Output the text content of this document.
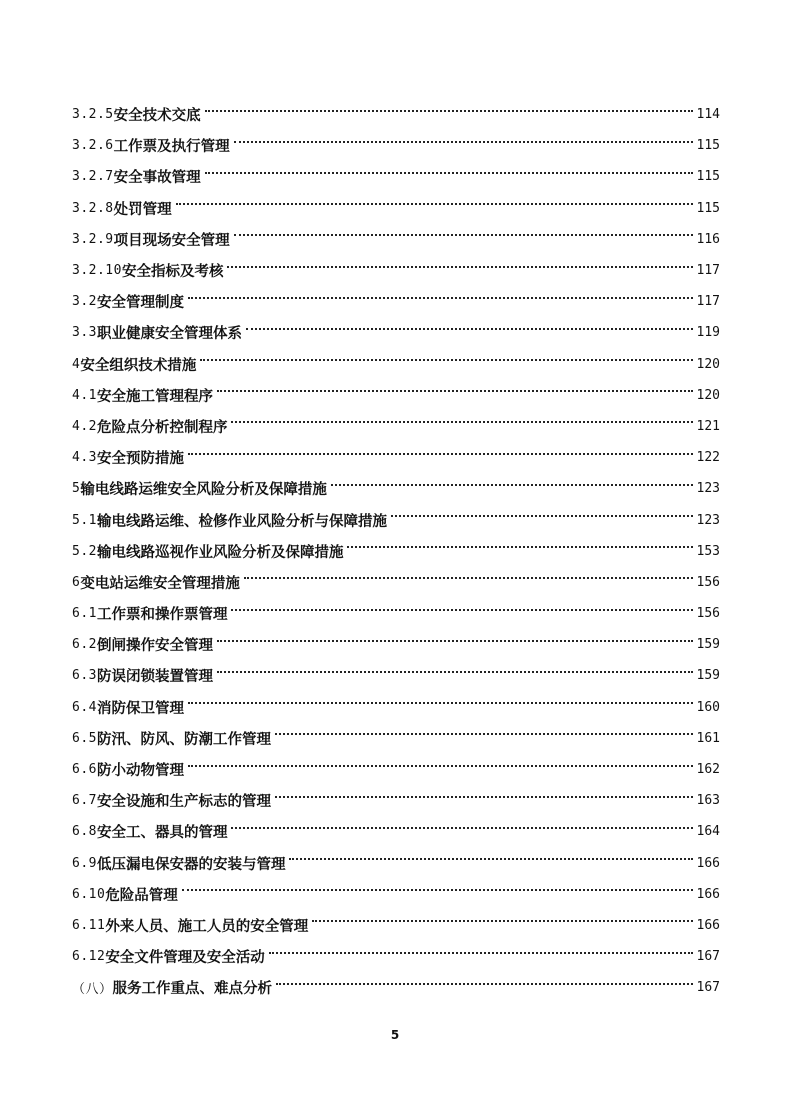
3.2.5 安全技术交底	114
3.2.6 工作票及执行管理	115
3.2.7 安全事故管理	115
3.2.8 处罚管理	115
3.2.9 项目现场安全管理	116
3.2.10 安全指标及考核	117
3.2 安全管理制度	117
3.3 职业健康安全管理体系	119
4 安全组织技术措施	120
4.1 安全施工管理程序	120
4.2 危险点分析控制程序	121
4.3 安全预防措施	122
5 输电线路运维安全风险分析及保障措施	123
5.1 输电线路运维、检修作业风险分析与保障措施	123
5.2 输电线路巡视作业风险分析及保障措施	153
6 变电站运维安全管理措施	156
6.1 工作票和操作票管理	156
6.2 倒闸操作安全管理	159
6.3 防误闭锁装置管理	159
6.4 消防保卫管理	160
6.5 防汛、防风、防潮工作管理	161
6.6 防小动物管理	162
6.7 安全设施和生产标志的管理	163
6.8 安全工、器具的管理	164
6.9 低压漏电保安器的安装与管理	166
6.10 危险品管理	166
6.11 外来人员、施工人员的安全管理	166
6.12 安全文件管理及安全活动	167
（八） 服务工作重点、难点分析	167
5
